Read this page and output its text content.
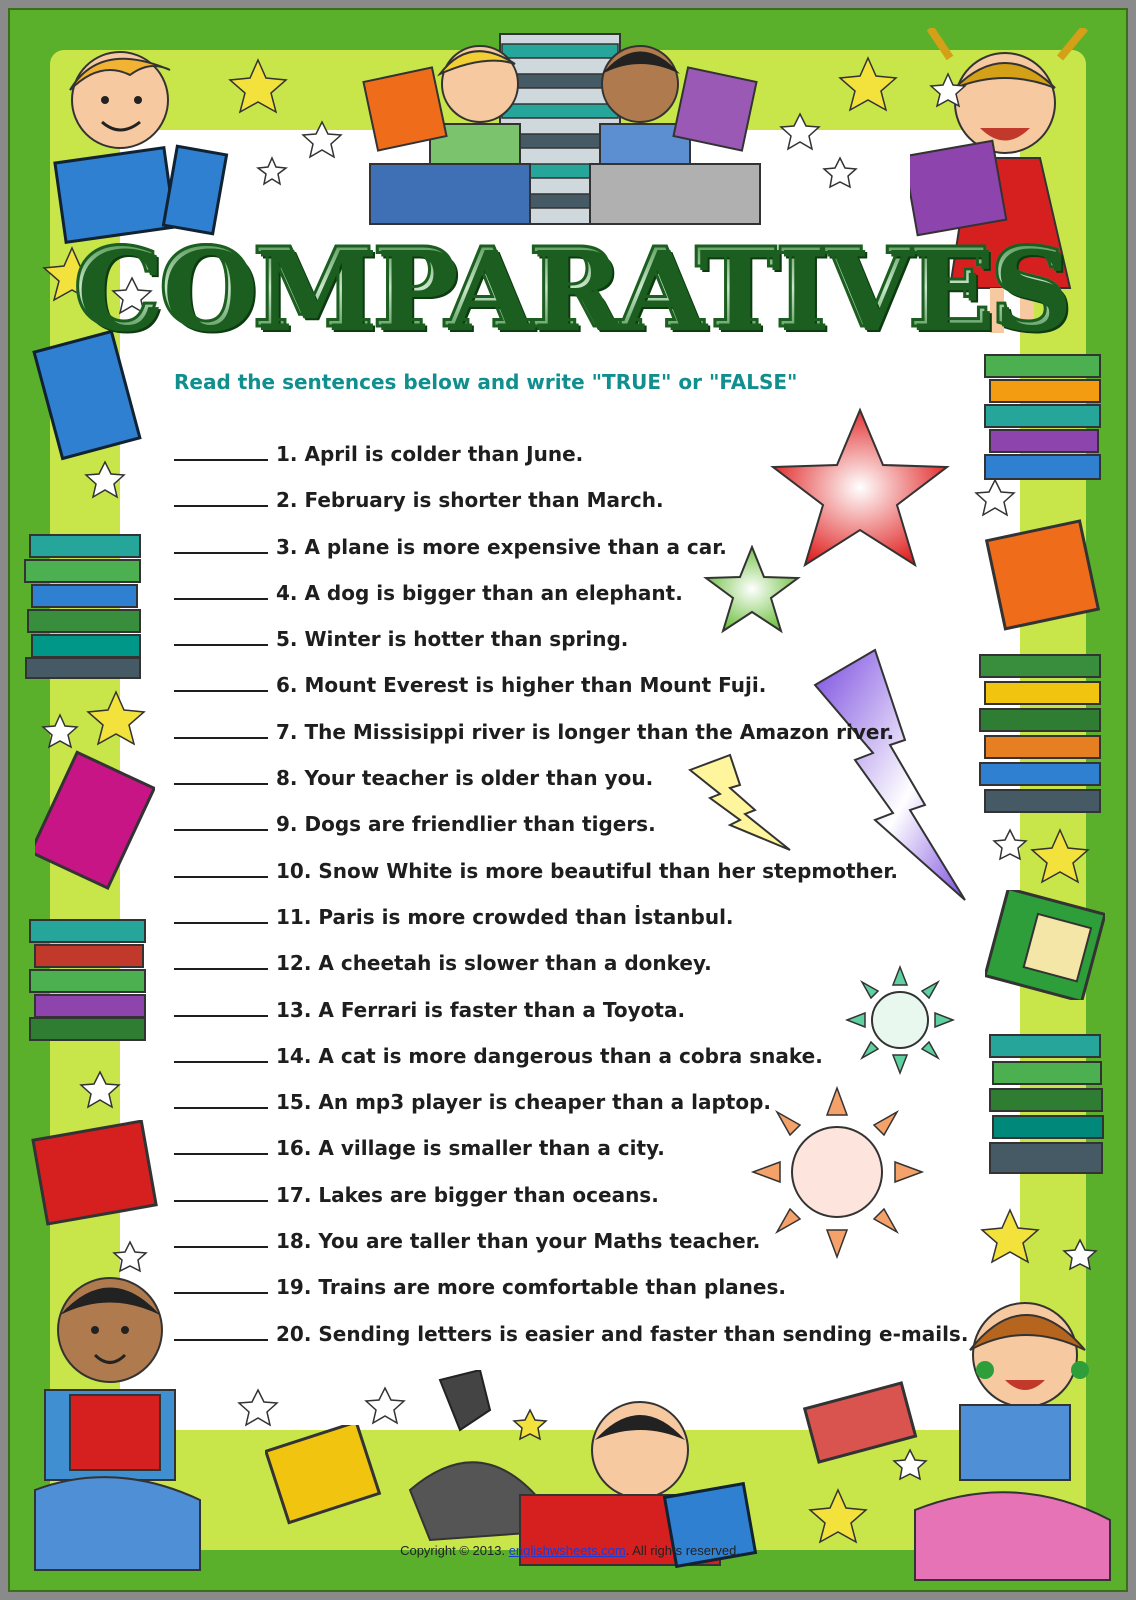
COMPARATIVES
Read the sentences below and write "TRUE" or "FALSE"
1. April is colder than June.
2. February is shorter than March.
3. A plane is more expensive than a car.
4. A dog is bigger than an elephant.
5. Winter is hotter than spring.
6. Mount Everest is higher than Mount Fuji.
7. The Missisippi river is longer than the Amazon river.
8. Your teacher is older than you.
9. Dogs are friendlier than tigers.
10. Snow White is more beautiful than her stepmother.
11. Paris is more crowded than İstanbul.
12. A cheetah is slower than a donkey.
13. A Ferrari is faster than a Toyota.
14. A cat is more dangerous than a cobra snake.
15. An mp3 player is cheaper than a laptop.
16. A village is smaller than a city.
17. Lakes are bigger than oceans.
18. You are taller than your Maths teacher.
19. Trains are more comfortable than planes.
20. Sending letters is easier and faster than sending e-mails.
Copyright © 2013. englishwsheets.com. All rights reserved.
